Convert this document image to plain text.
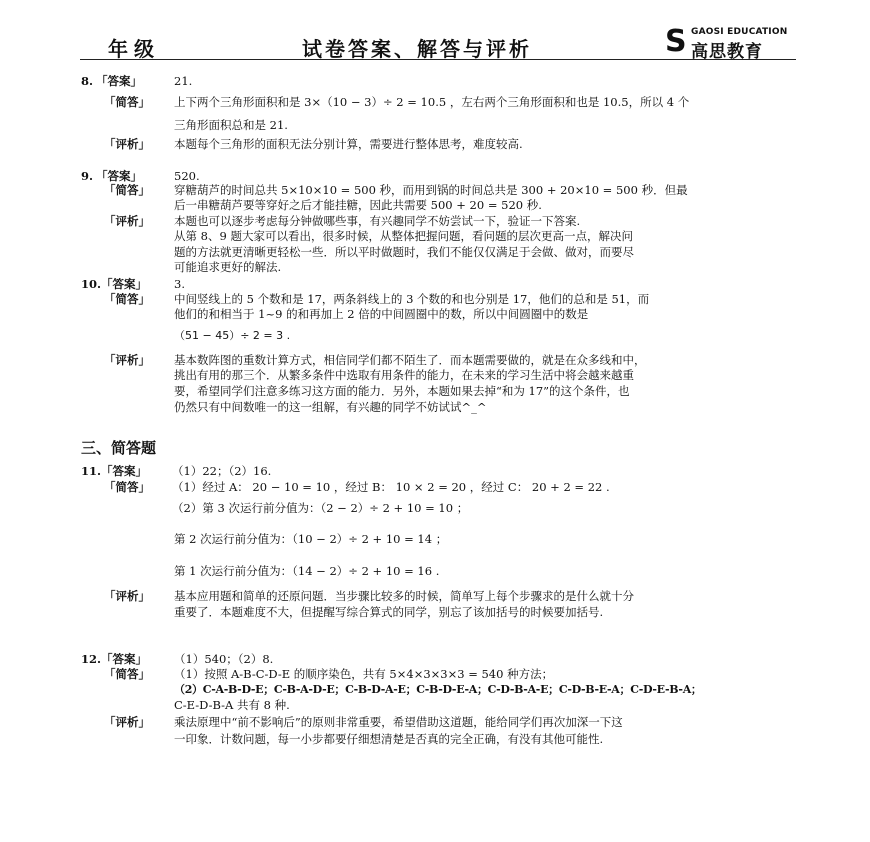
年级	试卷答案、解答与评析	S GAOSI EDUCATION
高思教育
8. 「答案」	21.
「简答」 上下两个三角形面积和是 3×（10 − 3）÷ 2 = 10.5 ，左右两个三角形面积和也是 10.5，所以 4 个
三角形面积总和是 21.
「评析」 本题每个三角形的面积无法分别计算，需要进行整体思考，难度较高.
9. 「答案」	520.
「简答」 穿糖葫芦的时间总共 5×10×10 = 500 秒，而用到锅的时间总共是 300 + 20×10 = 500 秒．但最
后一串糖葫芦要等穿好之后才能挂糖，因此共需要 500 + 20 = 520 秒.
「评析」 本题也可以逐步考虑每分钟做哪些事，有兴趣同学不妨尝试一下，验证一下答案.
从第 8、9 题大家可以看出，很多时候，从整体把握问题，看问题的层次更高一点，解决问
题的方法就更清晰更轻松一些．所以平时做题时，我们不能仅仅满足于会做、做对，而要尽
可能追求更好的解法.
10. 「答案」 3.
「简答」 中间竖线上的 5 个数和是 17，两条斜线上的 3 个数的和也分别是 17，他们的总和是 51，而
他们的和相当于 1~9 的和再加上 2 倍的中间圆圈中的数，所以中间圆圈中的数是
（51 − 45）÷ 2 = 3 .
「评析」 基本数阵图的重数计算方式，相信同学们都不陌生了．而本题需要做的，就是在众多线和中，
挑出有用的那三个．从繁多条件中选取有用条件的能力，在未来的学习生活中将会越来越重
要，希望同学们注意多练习这方面的能力．另外，本题如果去掉“和为 17”的这个条件，也
仍然只有中间数唯一的这一组解，有兴趣的同学不妨试试^_^
三、简答题
11. 「答案」 （1）22；（2）16.
「简答」 （1）经过 A： 20 − 10 = 10 ，经过 B： 10 × 2 = 20 ，经过 C： 20 + 2 = 22 .
（2）第 3 次运行前分值为：（2 − 2）÷ 2 + 10 = 10 ；
第 2 次运行前分值为：（10 − 2）÷ 2 + 10 = 14 ；
第 1 次运行前分值为：（14 − 2）÷ 2 + 10 = 16 .
「评析」 基本应用题和简单的还原问题．当步骤比较多的时候，简单写上每个步骤求的是什么就十分
重要了．本题难度不大，但提醒写综合算式的同学，别忘了该加括号的时候要加括号.
12. 「答案」 （1）540；（2）8.
「简答」 （1）按照 A-B-C-D-E 的顺序染色，共有 5×4×3×3×3 = 540 种方法；
（2）C-A-B-D-E；C-B-A-D-E；C-B-D-A-E；C-B-D-E-A；C-D-B-A-E；C-D-B-E-A；C-D-E-B-A；
C-E-D-B-A 共有 8 种.
「评析」 乘法原理中“前不影响后”的原则非常重要，希望借助这道题，能给同学们再次加深一下这
一印象．计数问题，每一小步都要仔细想清楚是否真的完全正确，有没有其他可能性.
